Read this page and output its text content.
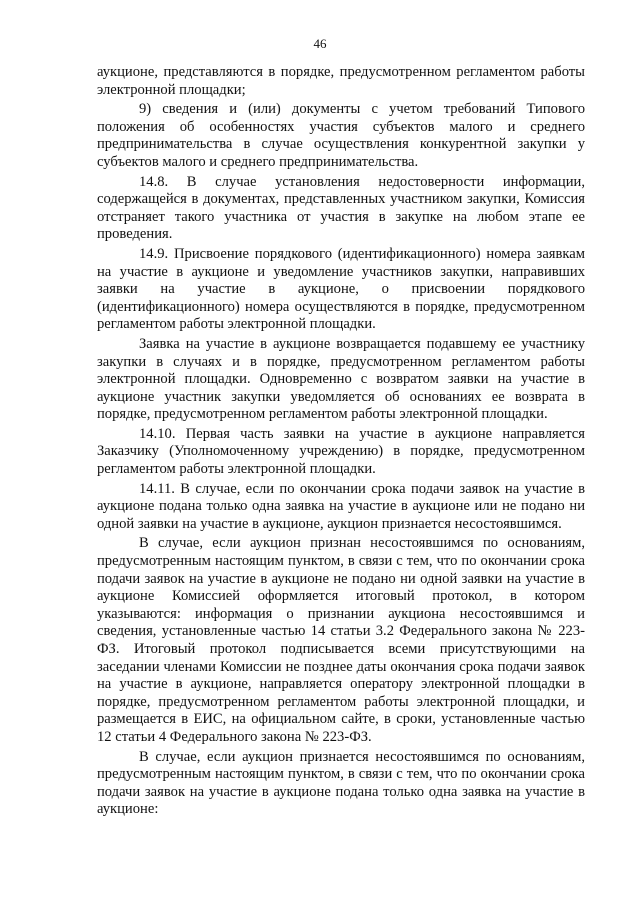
46

аукционе, представляются в порядке, предусмотренном регламентом работы электронной площадки;

9) сведения и (или) документы с учетом требований Типового положения об особенностях участия субъектов малого и среднего предпринимательства в случае осуществления конкурентной закупки у субъектов малого и среднего предпринимательства.

14.8. В случае установления недостоверности информации, содержащейся в документах, представленных участником закупки, Комиссия отстраняет такого участника от участия в закупке на любом этапе ее проведения.

14.9. Присвоение порядкового (идентификационного) номера заявкам на участие в аукционе и уведомление участников закупки, направивших заявки на участие в аукционе, о присвоении порядкового (идентификационного) номера осуществляются в порядке, предусмотренном регламентом работы электронной площадки.

Заявка на участие в аукционе возвращается подавшему ее участнику закупки в случаях и в порядке, предусмотренном регламентом работы электронной площадки. Одновременно с возвратом заявки на участие в аукционе участник закупки уведомляется об основаниях ее возврата в порядке, предусмотренном регламентом работы электронной площадки.

14.10. Первая часть заявки на участие в аукционе направляется Заказчику (Уполномоченному учреждению) в порядке, предусмотренном регламентом работы электронной площадки.

14.11. В случае, если по окончании срока подачи заявок на участие в аукционе подана только одна заявка на участие в аукционе или не подано ни одной заявки на участие в аукционе, аукцион признается несостоявшимся.

В случае, если аукцион признан несостоявшимся по основаниям, предусмотренным настоящим пунктом, в связи с тем, что по окончании срока подачи заявок на участие в аукционе не подано ни одной заявки на участие в аукционе Комиссией оформляется итоговый протокол, в котором указываются: информация о признании аукциона несостоявшимся и сведения, установленные частью 14 статьи 3.2 Федерального закона № 223-ФЗ. Итоговый протокол подписывается всеми присутствующими на заседании членами Комиссии не позднее даты окончания срока подачи заявок на участие в аукционе, направляется оператору электронной площадки в порядке, предусмотренном регламентом работы электронной площадки, и размещается в ЕИС, на официальном сайте, в сроки, установленные частью 12 статьи 4 Федерального закона № 223-ФЗ.

В случае, если аукцион признается несостоявшимся по основаниям, предусмотренным настоящим пунктом, в связи с тем, что по окончании срока подачи заявок на участие в аукционе подана только одна заявка на участие в аукционе:
